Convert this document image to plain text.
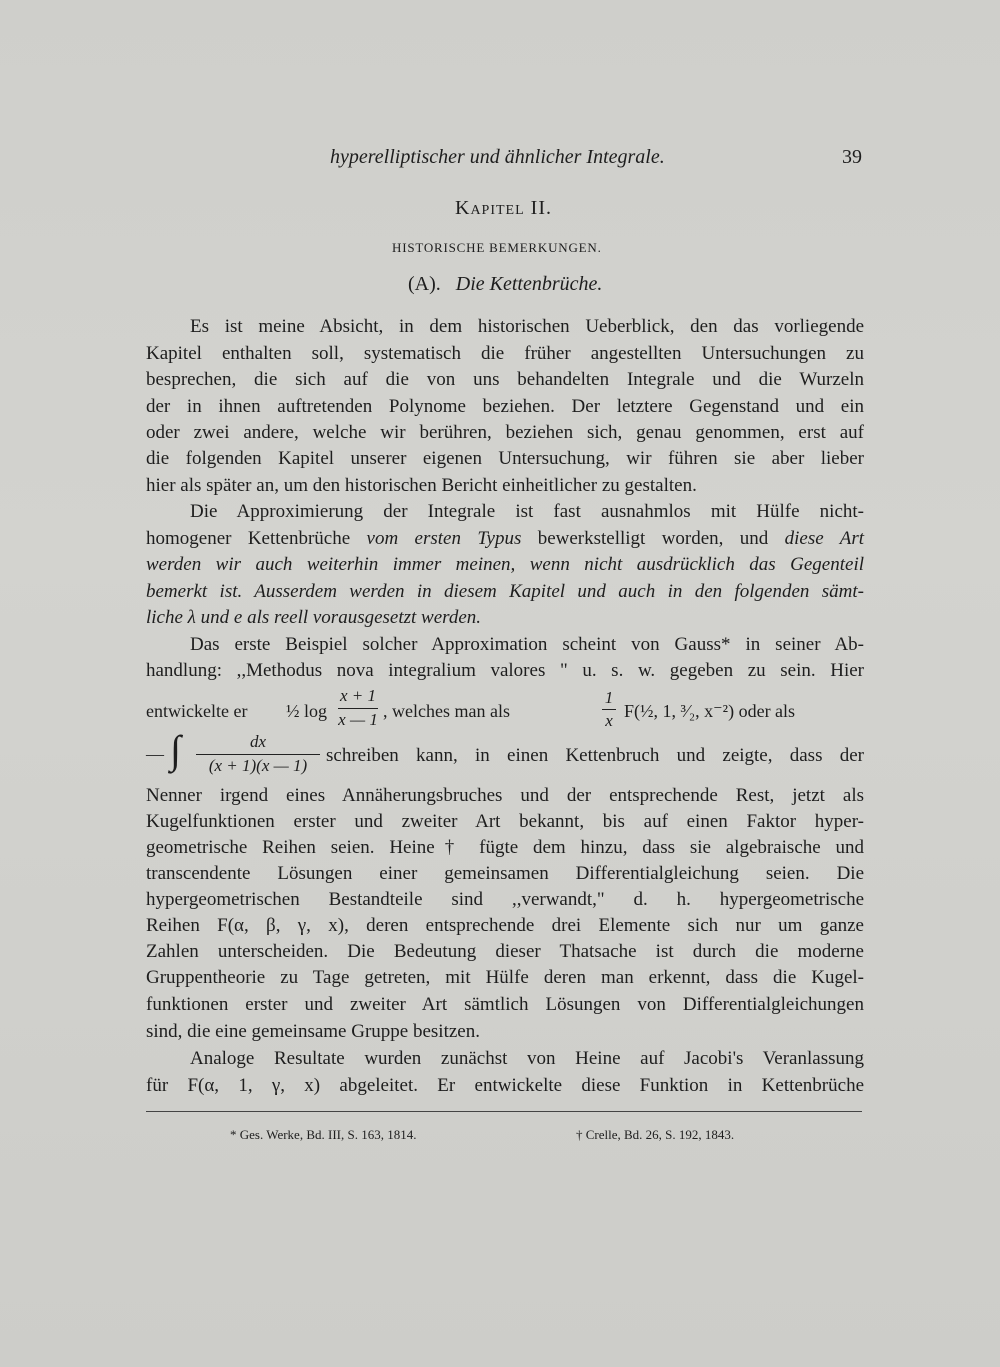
hyperelliptischer und ähnlicher Integrale.	39
Kapitel II.
HISTORISCHE BEMERKUNGEN.
(A). Die Kettenbrüche.
Es ist meine Absicht, in dem historischen Ueberblick, den das vorliegende
Kapitel enthalten soll, systematisch die früher angestellten Untersuchungen zu
besprechen, die sich auf die von uns behandelten Integrale und die Wurzeln
der in ihnen auftretenden Polynome beziehen. Der letztere Gegenstand und ein
oder zwei andere, welche wir berühren, beziehen sich, genau genommen, erst auf
die folgenden Kapitel unserer eigenen Untersuchung, wir führen sie aber lieber
hier als später an, um den historischen Bericht einheitlicher zu gestalten.
Die Approximierung der Integrale ist fast ausnahmlos mit Hülfe nicht-
homogener Kettenbrüche vom ersten Typus bewerkstelligt worden, und diese Art
werden wir auch weiterhin immer meinen, wenn nicht ausdrücklich das Gegenteil
bemerkt ist. Ausserdem werden in diesem Kapitel und auch in den folgenden sämt-
liche λ und e als reell vorausgesetzt werden.
Das erste Beispiel solcher Approximation scheint von Gauss* in seiner Ab-
handlung: ,,Methodus nova integralium valores " u. s. w. gegeben zu sein. Hier
entwickelte er ½ log
x + 1
x — 1 , welches man als
1
x F(½, 1, ³⁄₂, x⁻²) oder als
— ∫	dx
(x + 1)(x — 1) schreiben kann, in einen Kettenbruch und zeigte, dass der
Nenner irgend eines Annäherungsbruches und der entsprechende Rest, jetzt als
Kugelfunktionen erster und zweiter Art bekannt, bis auf einen Faktor hyper-
geometrische Reihen seien. Heine† fügte dem hinzu, dass sie algebraische und
transcendente Lösungen einer gemeinsamen Differentialgleichung seien. Die
hypergeometrischen Bestandteile sind ,,verwandt," d. h. hypergeometrische
Reihen F(α, β, γ, x), deren entsprechende drei Elemente sich nur um ganze
Zahlen unterscheiden. Die Bedeutung dieser Thatsache ist durch die moderne
Gruppentheorie zu Tage getreten, mit Hülfe deren man erkennt, dass die Kugel-
funktionen erster und zweiter Art sämtlich Lösungen von Differentialgleichungen
sind, die eine gemeinsame Gruppe besitzen.
Analoge Resultate wurden zunächst von Heine auf Jacobi's Veranlassung
für F(α, 1, γ, x) abgeleitet. Er entwickelte diese Funktion in Kettenbrüche
* Ges. Werke, Bd. III, S. 163, 1814.	† Crelle, Bd. 26, S. 192, 1843.
